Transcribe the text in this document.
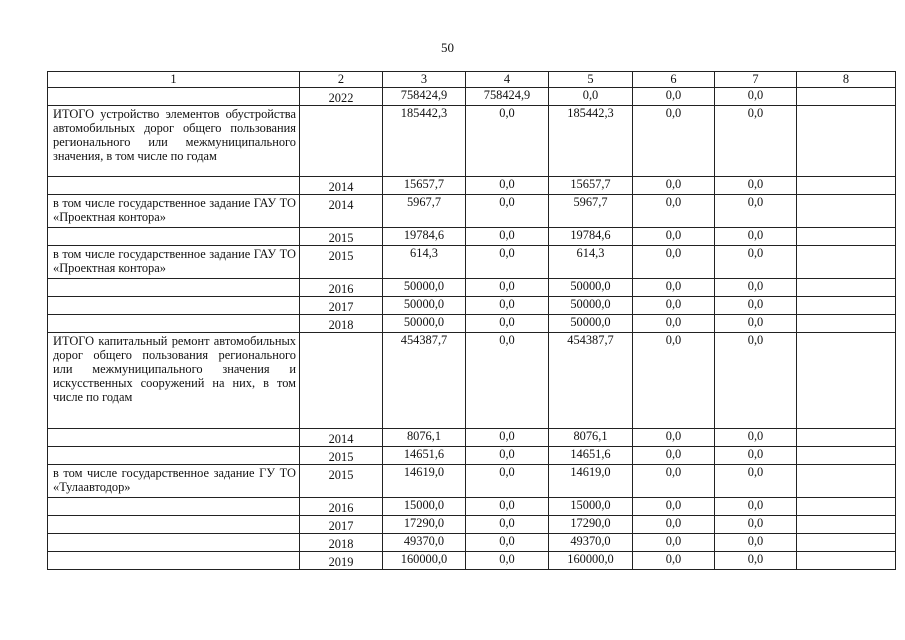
50
1	2	3	4	5	6	7	8
	2022	758424,9	758424,9	0,0	0,0	0,0	
ИТОГО устройство элементов обустройства автомобильных дорог общего пользования регионального или межмуниципального значения, в том числе по годам		185442,3	0,0	185442,3	0,0	0,0	
	2014	15657,7	0,0	15657,7	0,0	0,0	
в том числе государственное задание ГАУ ТО «Проектная контора»	2014	5967,7	0,0	5967,7	0,0	0,0	
	2015	19784,6	0,0	19784,6	0,0	0,0	
в том числе государственное задание ГАУ ТО «Проектная контора»	2015	614,3	0,0	614,3	0,0	0,0	
	2016	50000,0	0,0	50000,0	0,0	0,0	
	2017	50000,0	0,0	50000,0	0,0	0,0	
	2018	50000,0	0,0	50000,0	0,0	0,0	
ИТОГО капитальный ремонт автомобильных дорог общего пользования регионального или межмуниципального значения и искусственных сооружений на них, в том числе по годам		454387,7	0,0	454387,7	0,0	0,0	
	2014	8076,1	0,0	8076,1	0,0	0,0	
	2015	14651,6	0,0	14651,6	0,0	0,0	
в том числе государственное задание ГУ ТО «Тулаавтодор»	2015	14619,0	0,0	14619,0	0,0	0,0	
	2016	15000,0	0,0	15000,0	0,0	0,0	
	2017	17290,0	0,0	17290,0	0,0	0,0	
	2018	49370,0	0,0	49370,0	0,0	0,0	
	2019	160000,0	0,0	160000,0	0,0	0,0	
